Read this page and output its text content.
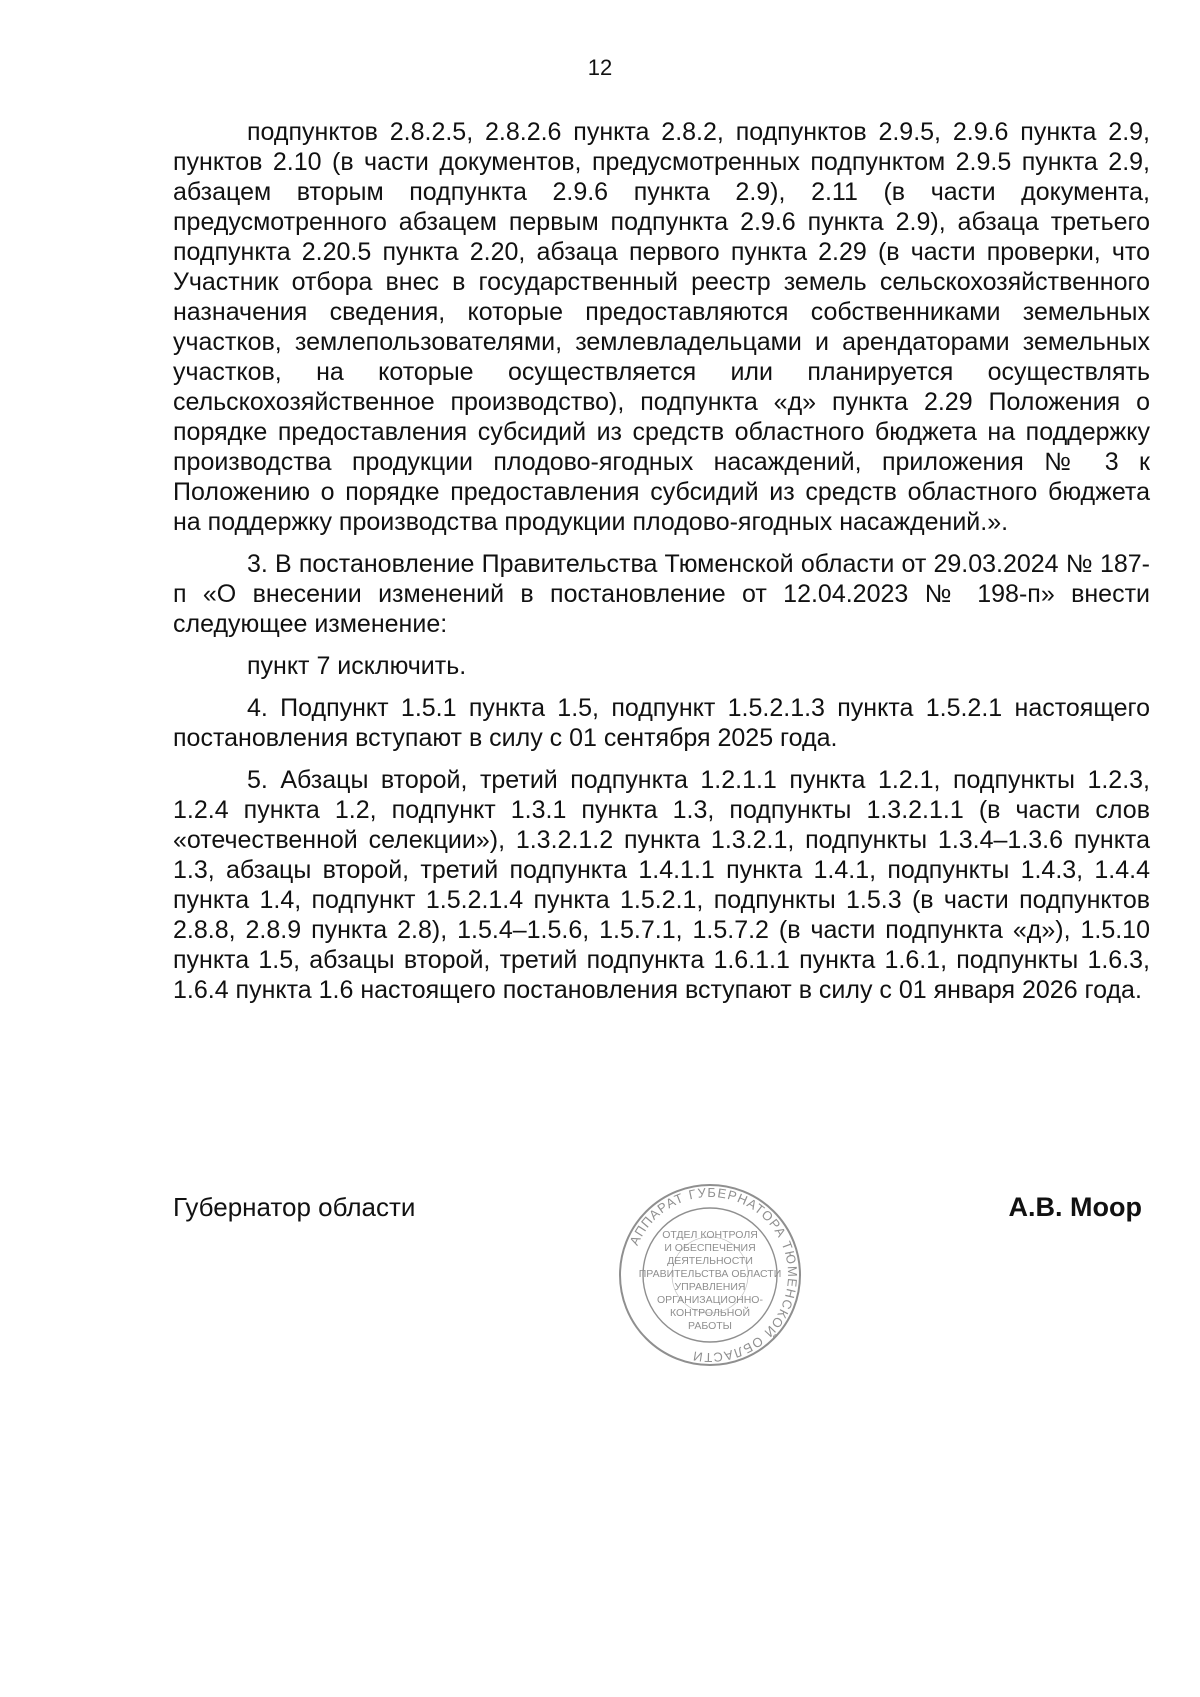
12

подпунктов 2.8.2.5, 2.8.2.6 пункта 2.8.2, подпунктов 2.9.5, 2.9.6 пункта 2.9, пунктов 2.10 (в части документов, предусмотренных подпунктом 2.9.5 пункта 2.9, абзацем вторым подпункта 2.9.6 пункта 2.9), 2.11 (в части документа, предусмотренного абзацем первым подпункта 2.9.6 пункта 2.9), абзаца третьего подпункта 2.20.5 пункта 2.20, абзаца первого пункта 2.29 (в части проверки, что Участник отбора внес в государственный реестр земель сельскохозяйственного назначения сведения, которые предоставляются собственниками земельных участков, землепользователями, землевладельцами и арендаторами земельных участков, на которые осуществляется или планируется осуществлять сельскохозяйственное производство), подпункта «д» пункта 2.29 Положения о порядке предоставления субсидий из средств областного бюджета на поддержку производства продукции плодово-ягодных насаждений, приложения № 3 к Положению о порядке предоставления субсидий из средств областного бюджета на поддержку производства продукции плодово-ягодных насаждений.».

3. В постановление Правительства Тюменской области от 29.03.2024 № 187-п «О внесении изменений в постановление от 12.04.2023 № 198-п» внести следующее изменение:

пункт 7 исключить.

4. Подпункт 1.5.1 пункта 1.5, подпункт 1.5.2.1.3 пункта 1.5.2.1 настоящего постановления вступают в силу с 01 сентября 2025 года.

5. Абзацы второй, третий подпункта 1.2.1.1 пункта 1.2.1, подпункты 1.2.3, 1.2.4 пункта 1.2, подпункт 1.3.1 пункта 1.3, подпункты 1.3.2.1.1 (в части слов «отечественной селекции»), 1.3.2.1.2 пункта 1.3.2.1, подпункты 1.3.4–1.3.6 пункта 1.3, абзацы второй, третий подпункта 1.4.1.1 пункта 1.4.1, подпункты 1.4.3, 1.4.4 пункта 1.4, подпункт 1.5.2.1.4 пункта 1.5.2.1, подпункты 1.5.3 (в части подпунктов 2.8.8, 2.8.9 пункта 2.8), 1.5.4–1.5.6, 1.5.7.1, 1.5.7.2 (в части подпункта «д»), 1.5.10 пункта 1.5, абзацы второй, третий подпункта 1.6.1.1 пункта 1.6.1, подпункты 1.6.3, 1.6.4 пункта 1.6 настоящего постановления вступают в силу с 01 января 2026 года.

Губернатор области	А.В. Моор
АППАРАТ ГУБЕРНАТОРА ТЮМЕНСКОЙ ОБЛАСТИ
ОТДЕЛ КОНТРОЛЯ
И ОБЕСПЕЧЕНИЯ
ДЕЯТЕЛЬНОСТИ
ПРАВИТЕЛЬСТВА ОБЛАСТИ
УПРАВЛЕНИЯ
ОРГАНИЗАЦИОННО-
КОНТРОЛЬНОЙ
РАБОТЫ
